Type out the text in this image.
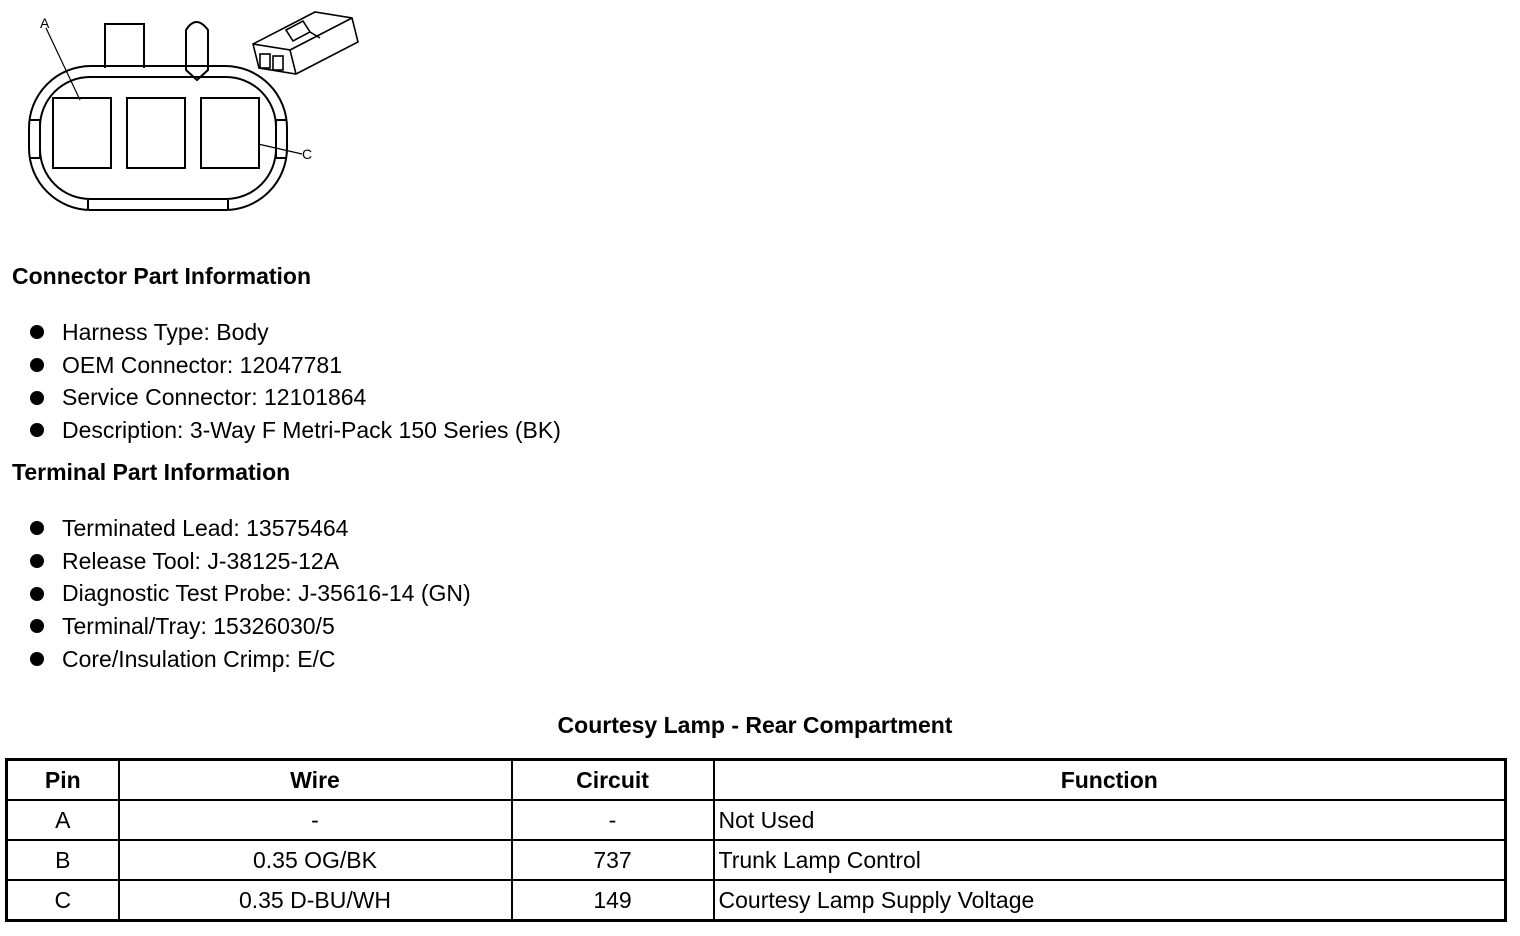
A
C
Connector Part Information
Harness Type: Body
OEM Connector: 12047781
Service Connector: 12101864
Description: 3-Way F Metri-Pack 150 Series (BK)
Terminal Part Information
Terminated Lead: 13575464
Release Tool: J-38125-12A
Diagnostic Test Probe: J-35616-14 (GN)
Terminal/Tray: 15326030/5
Core/Insulation Crimp: E/C
Courtesy Lamp - Rear Compartment
Pin	Wire	Circuit	Function
A	-	-	Not Used
B	0.35 OG/BK	737	Trunk Lamp Control
C	0.35 D-BU/WH	149	Courtesy Lamp Supply Voltage
